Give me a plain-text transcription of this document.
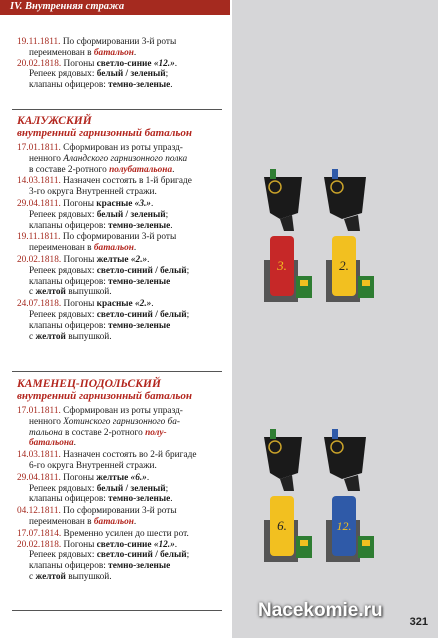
IV. Внутренняя стража

19.11.1811. По сформировании 3-й роты

переименован в батальон.

20.02.1818. Погоны светло-синие «12.».

Репеек рядовых: белый / зеленый;

клапаны офицеров: темно-зеленые.

КАЛУЖСКИЙ
внутренний гарнизонный батальон

17.01.1811. Сформирован из роты упразд-

ненного Аландского гарнизонного полка

в составе 2-ротного полубатальона.

14.03.1811. Назначен состоять в 1-й бригаде

3-го округа Внутренней стражи.

29.04.1811. Погоны красные «3.».

Репеек рядовых: белый / зеленый;

клапаны офицеров: темно-зеленые.

19.11.1811. По сформировании 3-й роты

переименован в батальон.

20.02.1818. Погоны желтые «2.».

Репеек рядовых: светло-синий / белый;

клапаны офицеров: темно-зеленые

с желтой выпушкой.

24.07.1818. Погоны красные «2.».

Репеек рядовых: светло-синий / белый;

клапаны офицеров: темно-зеленые

с желтой выпушкой.

КАМЕНЕЦ-ПОДОЛЬСКИЙ
внутренний гарнизонный батальон

17.01.1811. Сформирован из роты упразд-

ненного Хотинского гарнизонного ба-

тальона в составе 2-ротного полу-

батальона.

14.03.1811. Назначен состоять во 2-й бригаде

6-го округа Внутренней стражи.

29.04.1811. Погоны желтые «6.».

Репеек рядовых: белый / зеленый;

клапаны офицеров: темно-зеленые.

04.12.1811. По сформировании 3-й роты

переименован в батальон.

17.07.1814. Временно усилен до шести рот.

20.02.1818. Погоны светло-синие «12.».

Репеек рядовых: светло-синий / белый;

клапаны офицеров: темно-зеленые

с желтой выпушкой.

3.	2.
6.	12.
Nacekomie.ru
321
